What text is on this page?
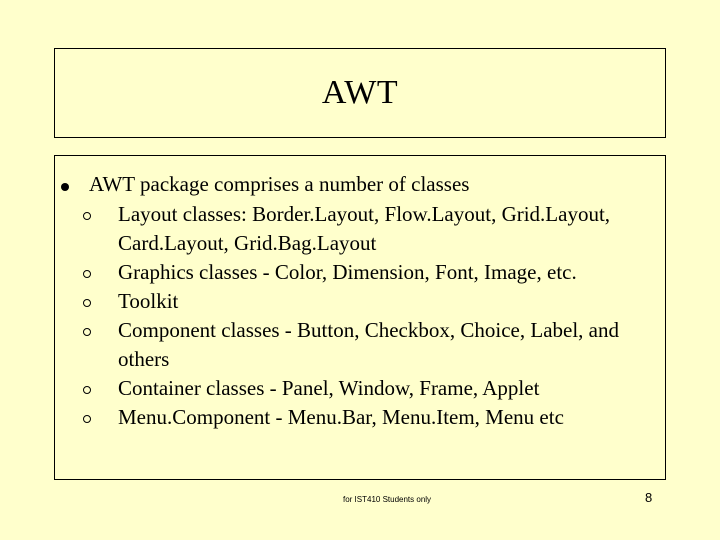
AWT
AWT package comprises a number of classes
Layout classes: Border.Layout, Flow.Layout, Grid.Layout, Card.Layout, Grid.Bag.Layout
Graphics classes - Color, Dimension, Font, Image, etc.
Toolkit
Component classes - Button, Checkbox, Choice, Label, and others
Container classes - Panel, Window, Frame, Applet
Menu.Component - Menu.Bar, Menu.Item, Menu etc
for IST410 Students only	8
